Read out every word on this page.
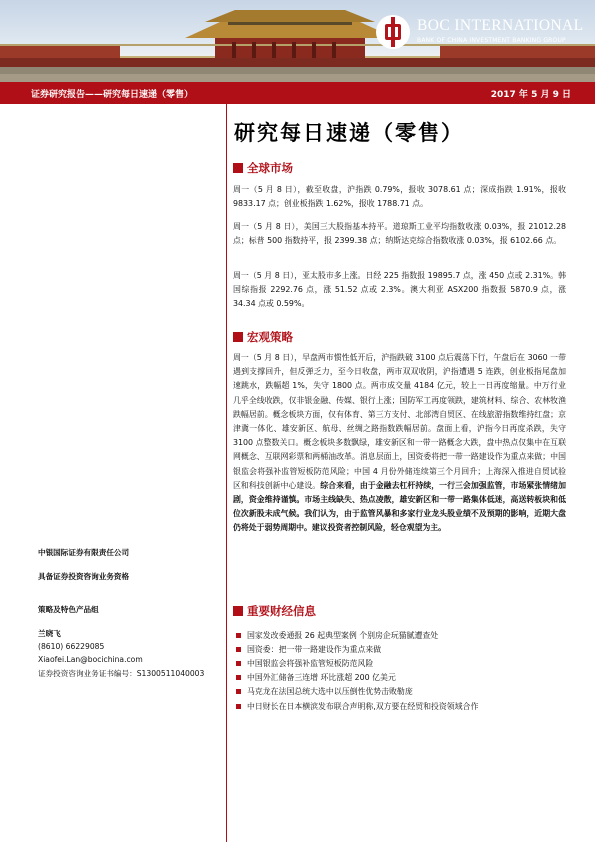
BOC INTERNATIONAL
BANK OF CHINA INVESTMENT BANKING GROUP
证券研究报告——研究每日速递（零售）	2017 年 5 月 9 日
研究每日速递（零售）
全球市场
周一（5 月 8 日），截至收盘，沪指跌 0.79%，报收 3078.61 点；深成指跌 1.91%，报收 9833.17 点；创业板指跌 1.62%，报收 1788.71 点。
周一（5 月 8 日），美国三大股指基本持平。道琼斯工业平均指数收涨 0.03%，报 21012.28 点；标普 500 指数持平，报 2399.38 点；纳斯达克综合指数收涨 0.03%，报 6102.66 点。
周一（5 月 8 日），亚太股市多上涨。日经 225 指数报 19895.7 点，涨 450 点或 2.31%。韩国综指报 2292.76 点，涨 51.52 点或 2.3%。澳大利亚 ASX200 指数报 5870.9 点，涨 34.34 点或 0.59%。
宏观策略
周一（5 月 8 日），早盘两市惯性低开后，沪指跌破 3100 点后震荡下行，午盘后在 3060 一带遇到支撑回升，但反弹乏力，至今日收盘，两市双双收阴，沪指遭遇 5 连跌，创业板指尾盘加速跳水，跌幅超 1%，失守 1800 点。两市成交量 4184 亿元，较上一日再度缩量。中万行业几乎全线收跌，仅非银金融、传媒、银行上涨；国防军工再度领跌，建筑材料、综合、农林牧渔跌幅居前。概念板块方面，仅有体育、第三方支付、北部湾自贸区、在线旅游指数维持红盘；京津冀一体化、雄安新区、航母、丝绸之路指数跌幅居前。盘面上看，沪指今日再度杀跌，失守 3100 点整数关口。概念板块多数飘绿，雄安新区和一带一路概念大跌，盘中热点仅集中在互联网概念、互联网彩票和两桶油改革。消息层面上，国资委将把一带一路建设作为重点来做；中国银监会将强补监管短板防范风险；中国 4 月份外储连续第三个月回升；上海深入推进自贸试验区和科技创新中心建设。综合来看，由于金融去杠杆持续，一行三会加强监管，市场紧张情绪加剧，资金维持谨慎。市场主线缺失、热点凌散，雄安新区和一带一路集体低迷，高送转板块和低位次新股未成气候。我们认为，由于监管风暴和多家行业龙头股业绩不及预期的影响，近期大盘仍将处于弱势周期中。建议投资者控制风险，轻仓观望为主。
重要财经信息
国家发改委通报 26 起典型案例 个别房企玩猫腻遭查处
国资委：把一带一路建设作为重点来做
中国银监会将强补监管短板防范风险
中国外汇储备三连增 环比涨超 200 亿美元
马克龙在法国总统大选中以压倒性优势击败勒庞
中日财长在日本横滨发布联合声明称,双方要在经贸和投资领域合作
中银国际证券有限责任公司
具备证券投资咨询业务资格
策略及特色产品组
兰晓飞
(8610) 66229085
Xiaofei.Lan@bocichina.com
证券投资咨询业务证书编号：S1300511040003
